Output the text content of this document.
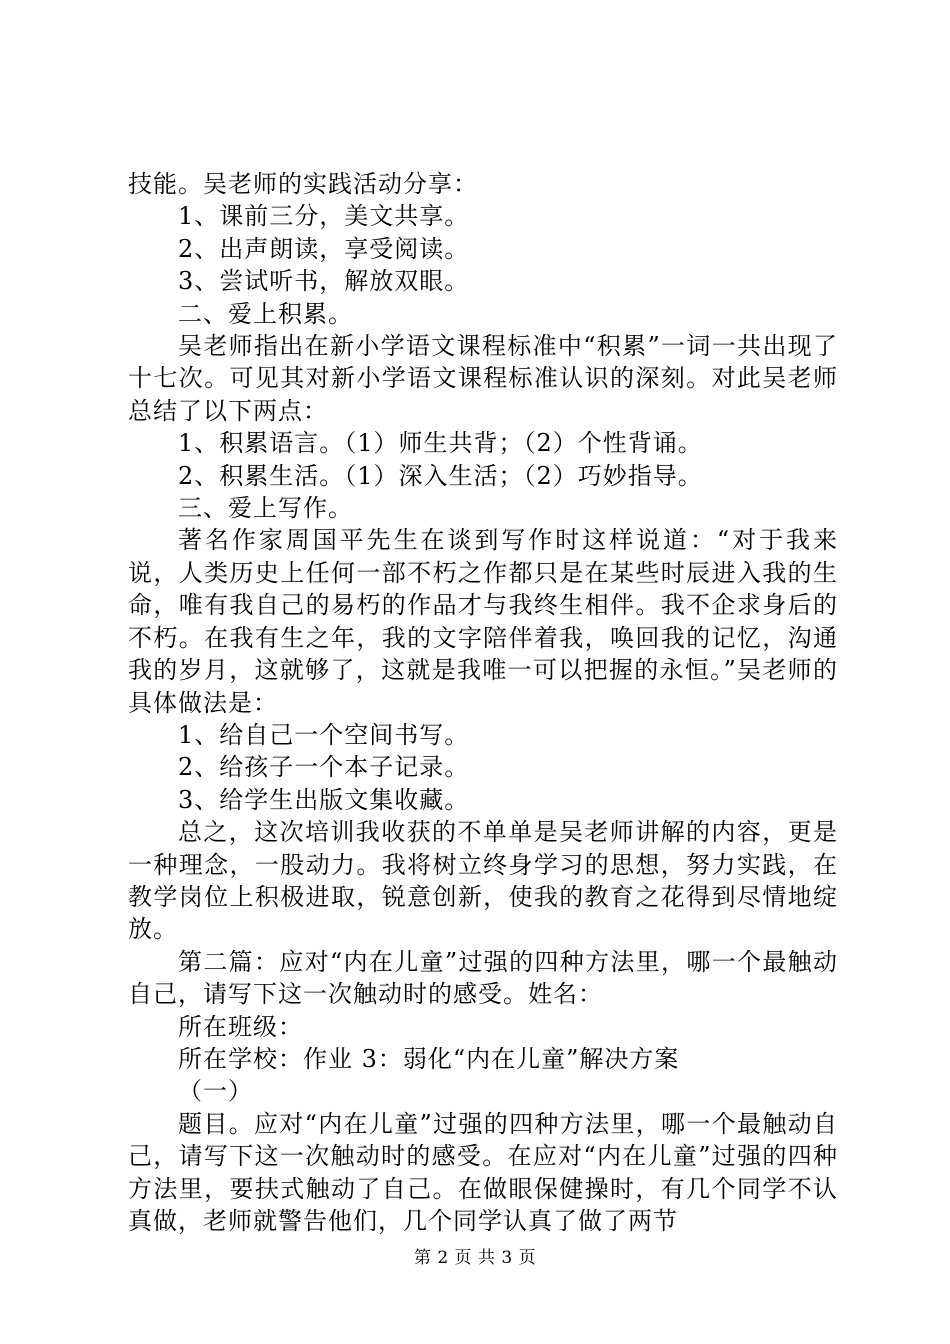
技能。吴老师的实践活动分享：

1、课前三分，美文共享。

2、出声朗读，享受阅读。

3、尝试听书，解放双眼。

二、爱上积累。

吴老师指出在新小学语文课程标准中“积累”一词一共出现了十七次。可见其对新小学语文课程标准认识的深刻。对此吴老师总结了以下两点：

1、积累语言。（1）师生共背；（2）个性背诵。

2、积累生活。（1）深入生活；（2）巧妙指导。

三、爱上写作。

著名作家周国平先生在谈到写作时这样说道：“对于我来说，人类历史上任何一部不朽之作都只是在某些时辰进入我的生命，唯有我自己的易朽的作品才与我终生相伴。我不企求身后的不朽。在我有生之年，我的文字陪伴着我，唤回我的记忆，沟通我的岁月，这就够了，这就是我唯一可以把握的永恒。”吴老师的具体做法是：

1、给自己一个空间书写。

2、给孩子一个本子记录。

3、给学生出版文集收藏。

总之，这次培训我收获的不单单是吴老师讲解的内容，更是一种理念，一股动力。我将树立终身学习的思想，努力实践，在教学岗位上积极进取，锐意创新，使我的教育之花得到尽情地绽放。

第二篇：应对“内在儿童”过强的四种方法里，哪一个最触动自己，请写下这一次触动时的感受。姓名：

所在班级：

所在学校：作业 3：弱化“内在儿童”解决方案

（一）

题目。应对“内在儿童”过强的四种方法里，哪一个最触动自己，请写下这一次触动时的感受。在应对“内在儿童”过强的四种方法里，要扶式触动了自己。在做眼保健操时，有几个同学不认真做，老师就警告他们，几个同学认真了做了两节

第 2 页 共 3 页
